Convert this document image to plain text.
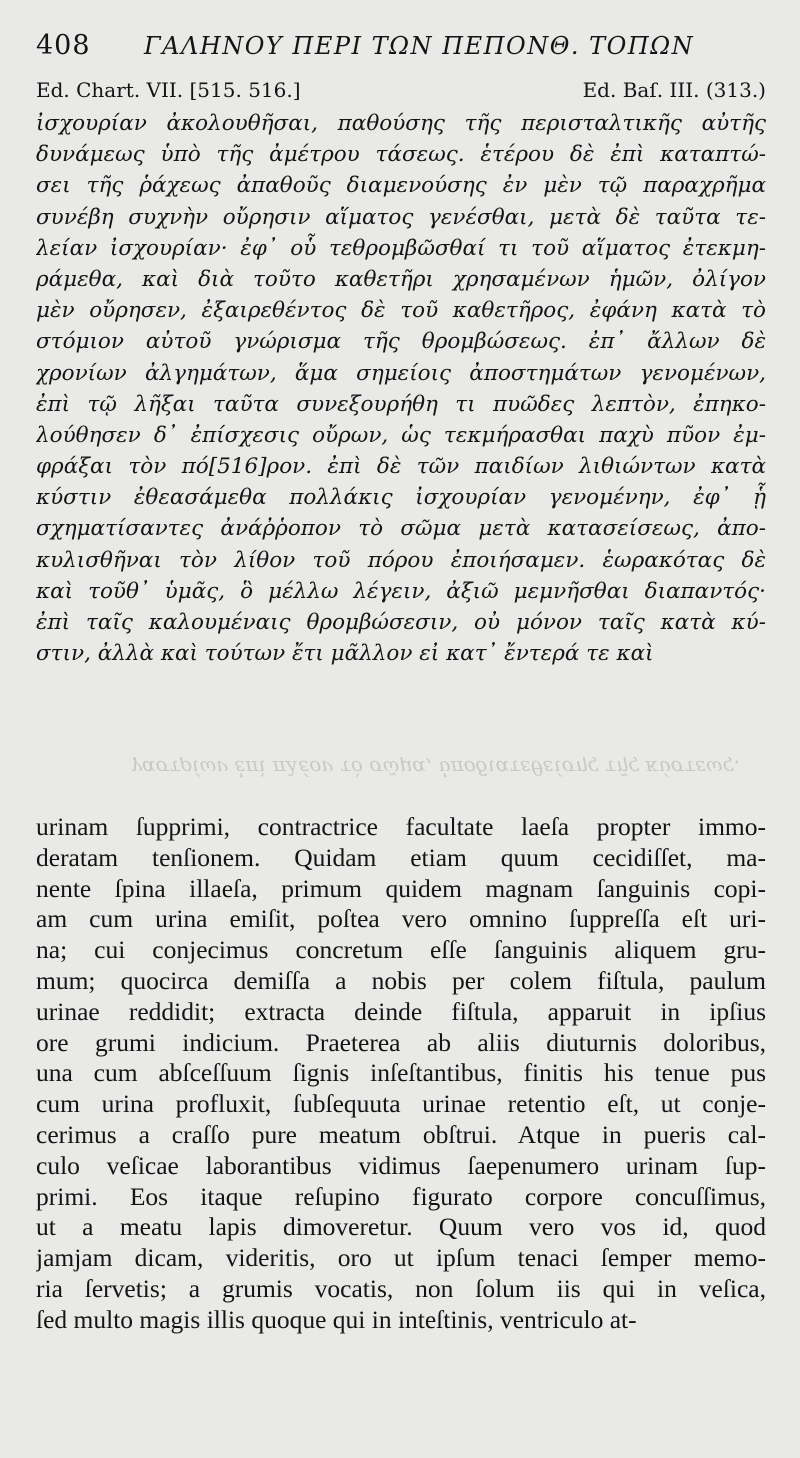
408 ΓΑΛΗΝΟΥ ΠΕΡΙ ΤΩΝ ΠΕΠΟΝΘ. ΤΟΠΩΝ
Ed. Chart. VII. [515. 516.]	Ed. Baſ. III. (313.)
ἰσχουρίαν ἀκολουθῆσαι, παθούσης τῆς περισταλτικῆς αὐτῆς
δυνάμεως ὑπὸ τῆς ἀμέτρου τάσεως. ἑτέρου δὲ ἐπὶ καταπτώ-
σει τῆς ῥάχεως ἀπαθοῦς διαμενούσης ἐν μὲν τῷ παραχρῆμα
συνέβη συχνὴν οὔρησιν αἵματος γενέσθαι, μετὰ δὲ ταῦτα τε-
λείαν ἰσχουρίαν· ἐφ᾽ οὗ τεθρομβῶσθαί τι τοῦ αἵματος ἐτεκμη-
ράμεθα, καὶ διὰ τοῦτο καθετῆρι χρησαμένων ἡμῶν, ὀλίγον
μὲν οὔρησεν, ἐξαιρεθέντος δὲ τοῦ καθετῆρος, ἐφάνη κατὰ τὸ
στόμιον αὐτοῦ γνώρισμα τῆς θρομβώσεως. ἐπ᾽ ἄλλων δὲ
χρονίων ἀλγημάτων, ἅμα σημείοις ἀποστημάτων γενομένων,
ἐπὶ τῷ λῆξαι ταῦτα συνεξουρήθη τι πυῶδες λεπτὸν, ἐπηκο-
λούθησεν δ᾽ ἐπίσχεσις οὔρων, ὡς τεκμήρασθαι παχὺ πῦον ἐμ-
φράξαι τὸν πό[516]ρον. ἐπὶ δὲ τῶν παιδίων λιθιώντων κατὰ
κύστιν ἐθεασάμεθα πολλάκις ἰσχουρίαν γενομένην, ἐφ᾽ ᾗ
σχηματίσαντες ἀνάῤῥοπον τὸ σῶμα μετὰ κατασείσεως, ἀπο-
κυλισθῆναι τὸν λίθον τοῦ πόρου ἐποιήσαμεν. ἑωρακότας δὲ
καὶ τοῦθ᾽ ὑμᾶς, ὃ μέλλω λέγειν, ἀξιῶ μεμνῆσθαι διαπαντός·
ἐπὶ ταῖς καλουμέναις θρομβώσεσιν, οὐ μόνον ταῖς κατὰ κύ-
στιν, ἀλλὰ καὶ τούτων ἔτι μᾶλλον εἰ κατ᾽ ἔντερά τε καὶ
γαστρίων ἐπὶ πλέον τὸ σῶμα, ὑποδιατεθείσης τῆς κύστεως.
urinam ſupprimi, contractrice facultate laeſa propter immo-
deratam tenſionem. Quidam etiam quum cecidiſſet, ma-
nente ſpina illaeſa, primum quidem magnam ſanguinis copi-
am cum urina emiſit, poſtea vero omnino ſuppreſſa eſt uri-
na; cui conjecimus concretum eſſe ſanguinis aliquem gru-
mum; quocirca demiſſa a nobis per colem fiſtula, paulum
urinae reddidit; extracta deinde fiſtula, apparuit in ipſius
ore grumi indicium. Praeterea ab aliis diuturnis doloribus,
una cum abſceſſuum ſignis inſeſtantibus, finitis his tenue pus
cum urina profluxit, ſubſequuta urinae retentio eſt, ut conje-
cerimus a craſſo pure meatum obſtrui. Atque in pueris cal-
culo veſicae laborantibus vidimus ſaepenumero urinam ſup-
primi. Eos itaque reſupino figurato corpore concuſſimus,
ut a meatu lapis dimoveretur. Quum vero vos id, quod
jamjam dicam, videritis, oro ut ipſum tenaci ſemper memo-
ria ſervetis; a grumis vocatis, non ſolum iis qui in veſica,
ſed multo magis illis quoque qui in inteſtinis, ventriculo at-
